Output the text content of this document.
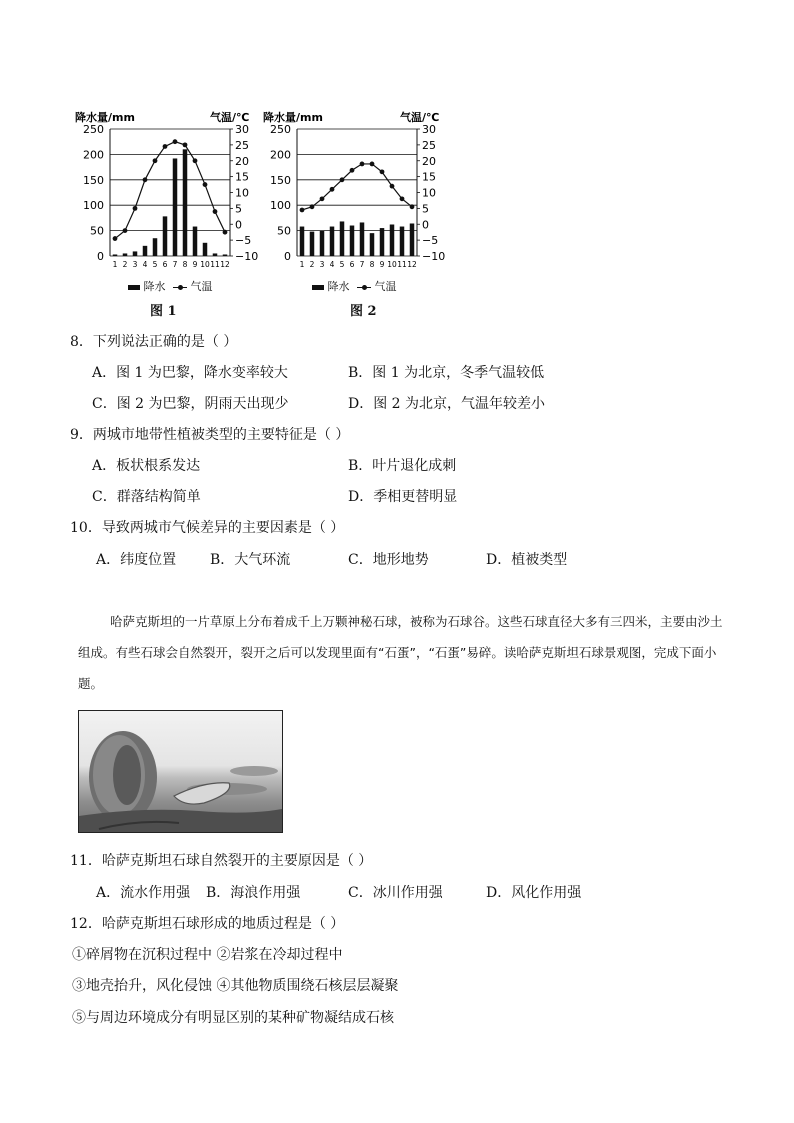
降水量/mm	气温/℃
250
200
150
100
50
0
30
25
20
15
10
5
0
−5
−10
1 2 3 4 5 6 7 8 9 10 11 12
降水量/mm	气温/℃
250
200
150
100
50
0
30
25
20
15
10
5
0
−5
−10
1 2 3 4 5 6 7 8 9 10 11 12
降水 气温	降水 气温
图 1	图 2
8．下列说法正确的是（ ）
A．图 1 为巴黎，降水变率较大	B．图 1 为北京，冬季气温较低
C．图 2 为巴黎，阴雨天出现少	D．图 2 为北京，气温年较差小
9．两城市地带性植被类型的主要特征是（ ）
A．板状根系发达	B．叶片退化成刺
C．群落结构简单	D．季相更替明显
10．导致两城市气候差异的主要因素是（ ）
A．纬度位置 B．大气环流	C．地形地势	D．植被类型
哈萨克斯坦的一片草原上分布着成千上万颗神秘石球，被称为石球谷。这些石球直径大多有三四米，主要由沙土组成。有些石球会自然裂开，裂开之后可以发现里面有“石蛋”，“石蛋”易碎。读哈萨克斯坦石球景观图，完成下面小题。
11．哈萨克斯坦石球自然裂开的主要原因是（ ）
A．流水作用强 B．海浪作用强	C．冰川作用强	D．风化作用强
12．哈萨克斯坦石球形成的地质过程是（ ）
①碎屑物在沉积过程中 ②岩浆在冷却过程中
③地壳抬升，风化侵蚀 ④其他物质围绕石核层层凝聚
⑤与周边环境成分有明显区别的某种矿物凝结成石核
